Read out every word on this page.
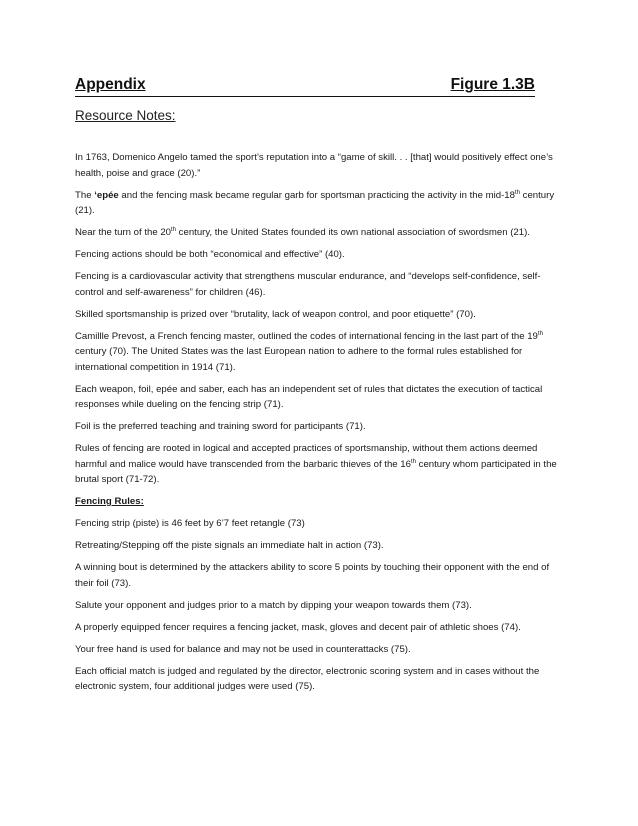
Appendix	Figure 1.3B
Resource Notes:

In 1763, Domenico Angelo tamed the sport’s reputation into a “game of skill. . . [that] would positively effect one’s health, poise and grace (20).”

The ‘epée and the fencing mask became regular garb for sportsman practicing the activity in the mid-18th century (21).

Near the turn of the 20th century, the United States founded its own national association of swordsmen (21).

Fencing actions should be both “economical and effective” (40).

Fencing is a cardiovascular activity that strengthens muscular endurance, and “develops self-confidence, self-control and self-awareness” for children (46).

Skilled sportsmanship is prized over “brutality, lack of weapon control, and poor etiquette” (70).

Camillle Prevost, a French fencing master, outlined the codes of international fencing in the last part of the 19th century (70). The United States was the last European nation to adhere to the formal rules established for international competition in 1914 (71).

Each weapon, foil, epée and saber, each has an independent set of rules that dictates the execution of tactical responses while dueling on the fencing strip (71).

Foil is the preferred teaching and training sword for participants (71).

Rules of fencing are rooted in logical and accepted practices of sportsmanship, without them actions deemed harmful and malice would have transcended from the barbaric thieves of the 16th century whom participated in the brutal sport (71-72).

Fencing Rules:

Fencing strip (piste) is 46 feet by 6’7 feet retangle (73)

Retreating/Stepping off the piste signals an immediate halt in action (73).

A winning bout is determined by the attackers ability to score 5 points by touching their opponent with the end of their foil (73).

Salute your opponent and judges prior to a match by dipping your weapon towards them (73).

A properly equipped fencer requires a fencing jacket, mask, gloves and decent pair of athletic shoes (74).

Your free hand is used for balance and may not be used in counterattacks (75).

Each official match is judged and regulated by the director, electronic scoring system and in cases without the electronic system, four additional judges were used (75).
